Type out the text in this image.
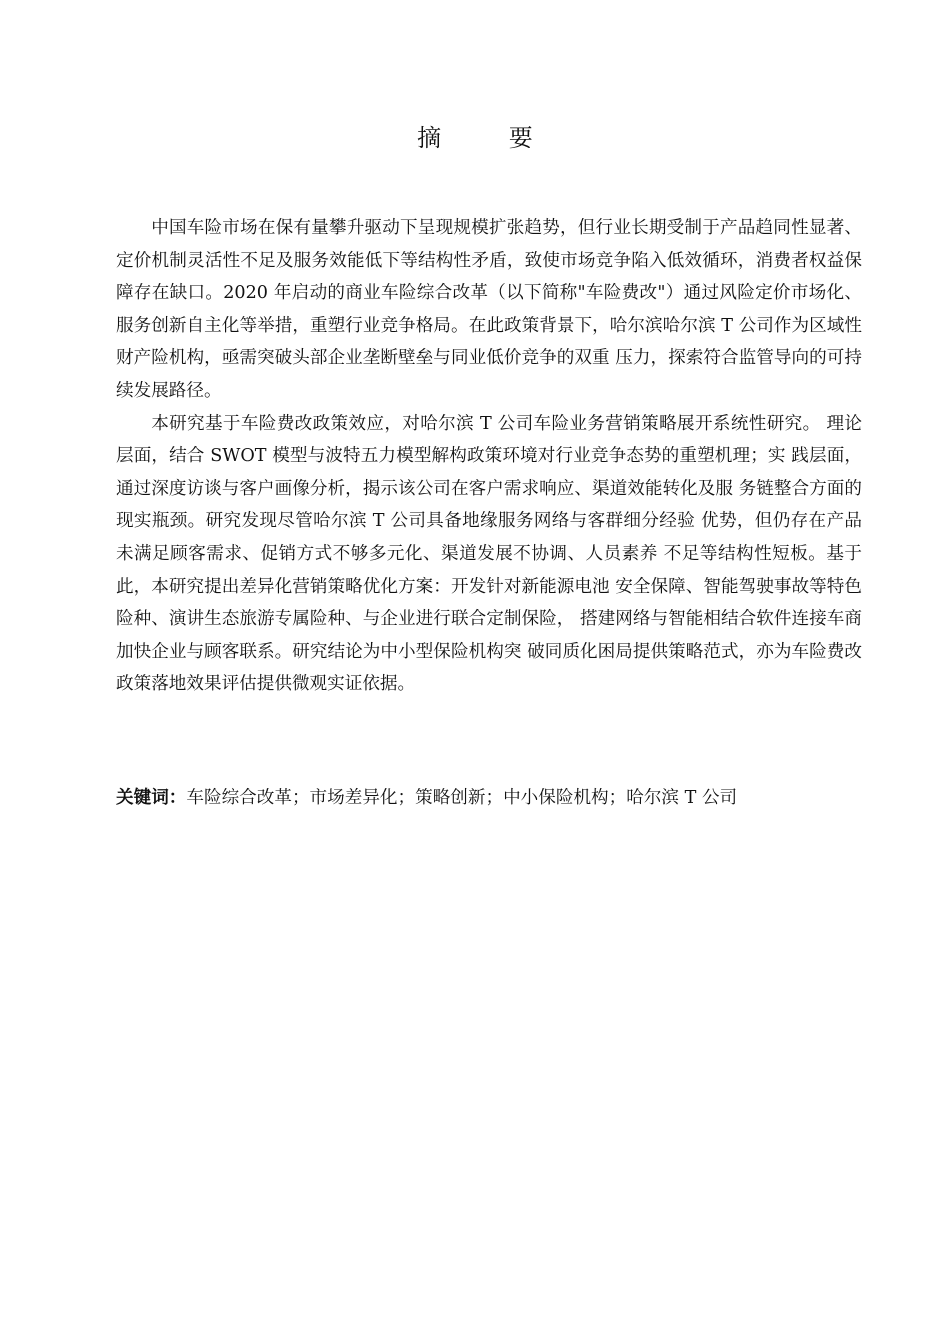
摘 要

中国车险市场在保有量攀升驱动下呈现规模扩张趋势，但行业长期受制于产品趋同性显著、定价机制灵活性不足及服务效能低下等结构性矛盾，致使市场竞争陷入低效循环，消费者权益保障存在缺口。2020 年启动的商业车险综合改革（以下简称"车险费改"）通过风险定价市场化、服务创新自主化等举措，重塑行业竞争格局。在此政策背景下，哈尔滨哈尔滨 T 公司作为区域性财产险机构，亟需突破头部企业垄断壁垒与同业低价竞争的双重 压力，探索符合监管导向的可持续发展路径。

本研究基于车险费改政策效应，对哈尔滨 T 公司车险业务营销策略展开系统性研究。 理论层面，结合 SWOT 模型与波特五力模型解构政策环境对行业竞争态势的重塑机理；实 践层面，通过深度访谈与客户画像分析，揭示该公司在客户需求响应、渠道效能转化及服 务链整合方面的现实瓶颈。研究发现尽管哈尔滨 T 公司具备地缘服务网络与客群细分经验 优势，但仍存在产品未满足顾客需求、促销方式不够多元化、渠道发展不协调、人员素养 不足等结构性短板。基于此，本研究提出差异化营销策略优化方案：开发针对新能源电池 安全保障、智能驾驶事故等特色险种、演讲生态旅游专属险种、与企业进行联合定制保险， 搭建网络与智能相结合软件连接车商加快企业与顾客联系。研究结论为中小型保险机构突 破同质化困局提供策略范式，亦为车险费改政策落地效果评估提供微观实证依据。

关键词：车险综合改革；市场差异化；策略创新；中小保险机构；哈尔滨 T 公司
